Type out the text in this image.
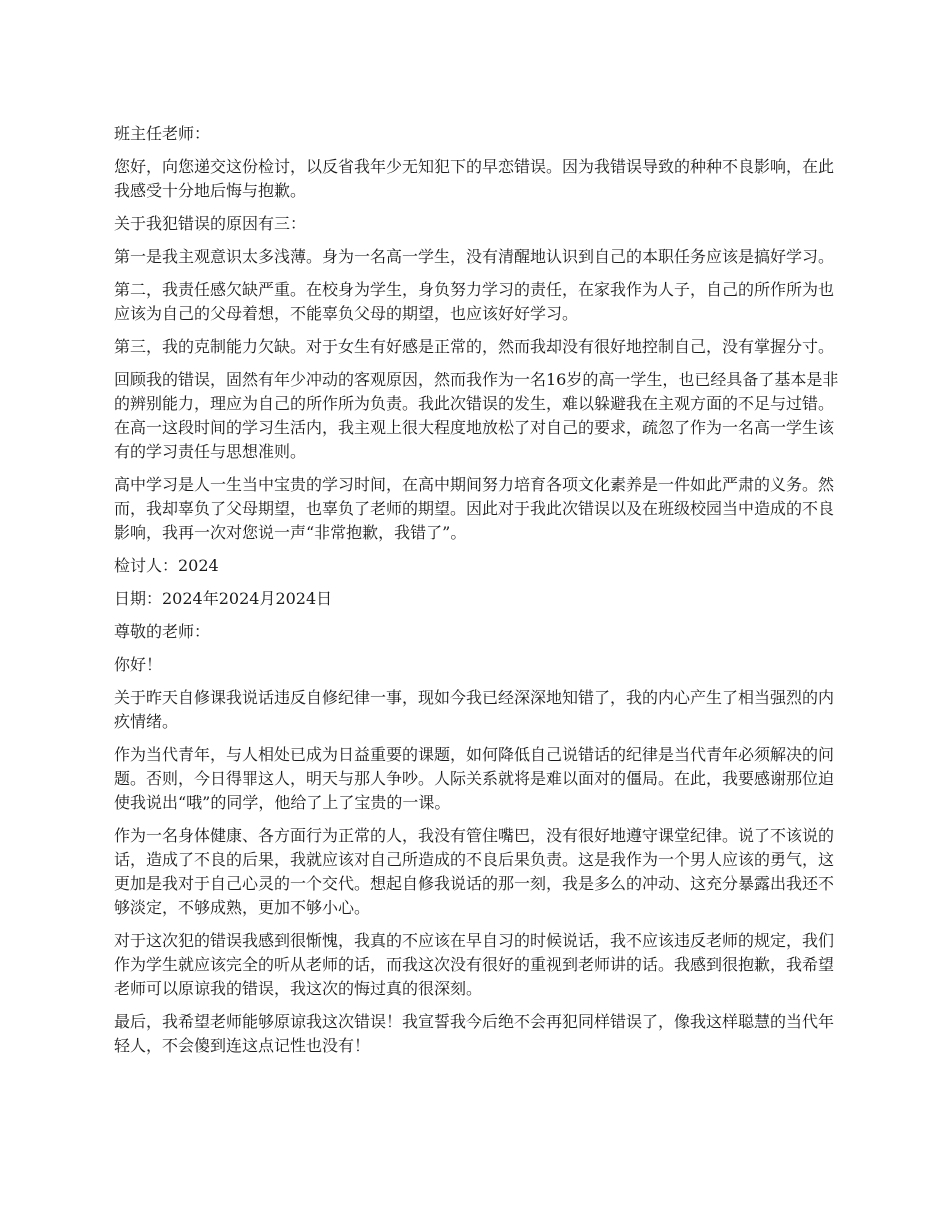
班主任老师：

您好，向您递交这份检讨，以反省我年少无知犯下的早恋错误。因为我错误导致的种种不良影响，在此我感受十分地后悔与抱歉。

关于我犯错误的原因有三：

第一是我主观意识太多浅薄。身为一名高一学生，没有清醒地认识到自己的本职任务应该是搞好学习。

第二，我责任感欠缺严重。在校身为学生，身负努力学习的责任，在家我作为人子，自己的所作所为也应该为自己的父母着想，不能辜负父母的期望，也应该好好学习。

第三，我的克制能力欠缺。对于女生有好感是正常的，然而我却没有很好地控制自己，没有掌握分寸。

回顾我的错误，固然有年少冲动的客观原因，然而我作为一名16岁的高一学生，也已经具备了基本是非的辨别能力，理应为自己的所作所为负责。我此次错误的发生，难以躲避我在主观方面的不足与过错。在高一这段时间的学习生活内，我主观上很大程度地放松了对自己的要求，疏忽了作为一名高一学生该有的学习责任与思想准则。

高中学习是人一生当中宝贵的学习时间，在高中期间努力培育各项文化素养是一件如此严肃的义务。然而，我却辜负了父母期望，也辜负了老师的期望。因此对于我此次错误以及在班级校园当中造成的不良影响，我再一次对您说一声“非常抱歉，我错了”。

检讨人：2024

日期：2024年2024月2024日

尊敬的老师：

你好！

关于昨天自修课我说话违反自修纪律一事，现如今我已经深深地知错了，我的内心产生了相当强烈的内疚情绪。

作为当代青年，与人相处已成为日益重要的课题，如何降低自己说错话的纪律是当代青年必须解决的问题。否则，今日得罪这人，明天与那人争吵。人际关系就将是难以面对的僵局。在此，我要感谢那位迫使我说出“哦”的同学，他给了上了宝贵的一课。

作为一名身体健康、各方面行为正常的人，我没有管住嘴巴，没有很好地遵守课堂纪律。说了不该说的话，造成了不良的后果，我就应该对自己所造成的不良后果负责。这是我作为一个男人应该的勇气，这更加是我对于自己心灵的一个交代。想起自修我说话的那一刻，我是多么的冲动、这充分暴露出我还不够淡定，不够成熟，更加不够小心。

对于这次犯的错误我感到很惭愧，我真的不应该在早自习的时候说话，我不应该违反老师的规定，我们作为学生就应该完全的听从老师的话，而我这次没有很好的重视到老师讲的话。我感到很抱歉，我希望老师可以原谅我的错误，我这次的悔过真的很深刻。

最后，我希望老师能够原谅我这次错误！我宣誓我今后绝不会再犯同样错误了，像我这样聪慧的当代年轻人，不会傻到连这点记性也没有！
